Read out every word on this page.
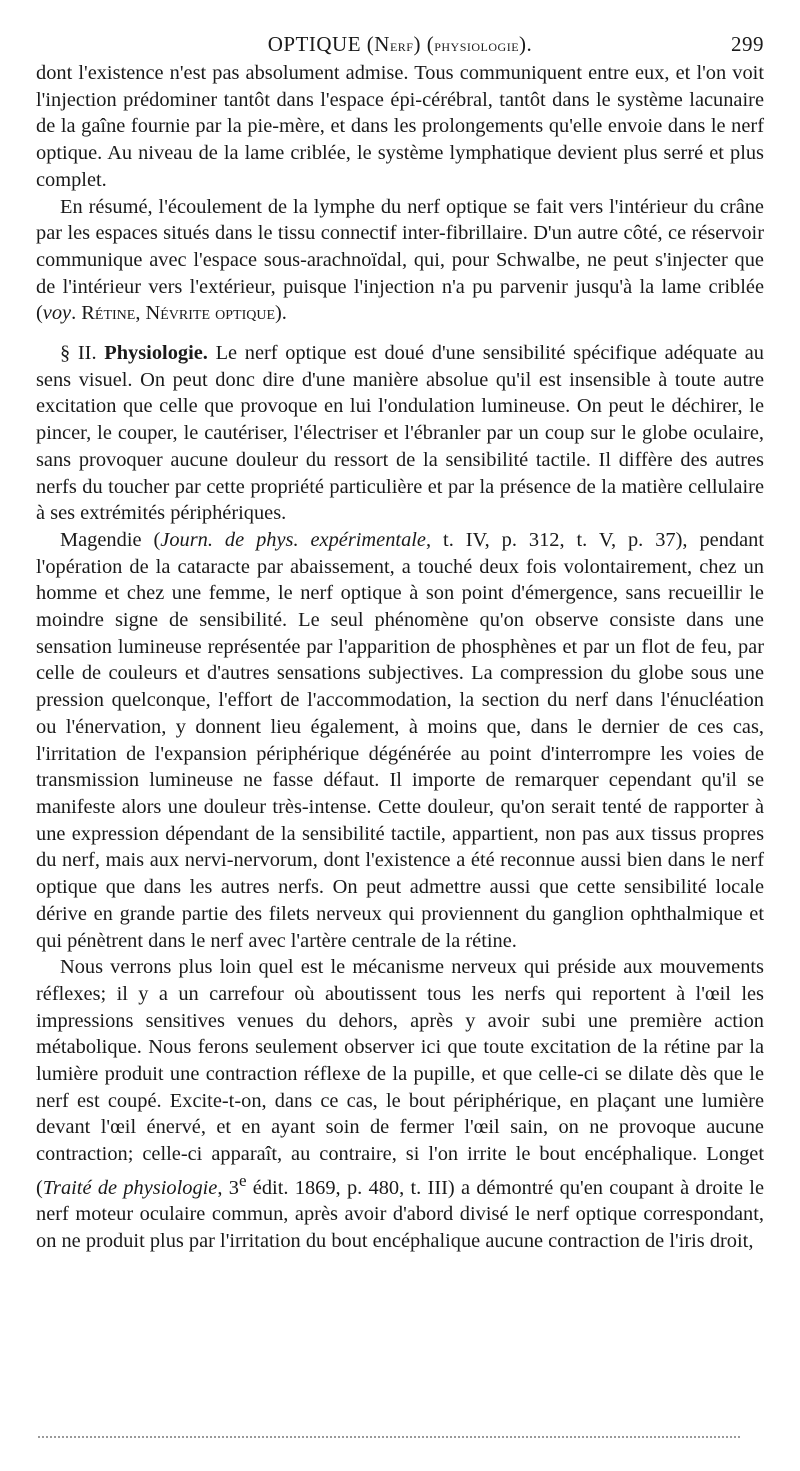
OPTIQUE (Nerf) (physiologie).	299

dont l'existence n'est pas absolument admise. Tous communiquent entre eux, et l'on voit l'injection prédominer tantôt dans l'espace épi-cérébral, tantôt dans le système lacunaire de la gaîne fournie par la pie-mère, et dans les prolongements qu'elle envoie dans le nerf optique. Au niveau de la lame criblée, le système lymphatique devient plus serré et plus complet.

En résumé, l'écoulement de la lymphe du nerf optique se fait vers l'intérieur du crâne par les espaces situés dans le tissu connectif inter-fibrillaire. D'un autre côté, ce réservoir communique avec l'espace sous-arachnoïdal, qui, pour Schwalbe, ne peut s'injecter que de l'intérieur vers l'extérieur, puisque l'injection n'a pu parvenir jusqu'à la lame criblée (voy. Rétine, Névrite optique).

§ II. Physiologie. Le nerf optique est doué d'une sensibilité spécifique adéquate au sens visuel. On peut donc dire d'une manière absolue qu'il est insensible à toute autre excitation que celle que provoque en lui l'ondulation lumineuse. On peut le déchirer, le pincer, le couper, le cautériser, l'électriser et l'ébranler par un coup sur le globe oculaire, sans provoquer aucune douleur du ressort de la sensibilité tactile. Il diffère des autres nerfs du toucher par cette propriété particulière et par la présence de la matière cellulaire à ses extrémités périphériques.

Magendie (Journ. de phys. expérimentale, t. IV, p. 312, t. V, p. 37), pendant l'opération de la cataracte par abaissement, a touché deux fois volontairement, chez un homme et chez une femme, le nerf optique à son point d'émergence, sans recueillir le moindre signe de sensibilité. Le seul phénomène qu'on observe consiste dans une sensation lumineuse représentée par l'apparition de phosphènes et par un flot de feu, par celle de couleurs et d'autres sensations subjectives. La compression du globe sous une pression quelconque, l'effort de l'accommodation, la section du nerf dans l'énucléation ou l'énervation, y donnent lieu également, à moins que, dans le dernier de ces cas, l'irritation de l'expansion périphérique dégénérée au point d'interrompre les voies de transmission lumineuse ne fasse défaut. Il importe de remarquer cependant qu'il se manifeste alors une douleur très-intense. Cette douleur, qu'on serait tenté de rapporter à une expression dépendant de la sensibilité tactile, appartient, non pas aux tissus propres du nerf, mais aux nervi-nervorum, dont l'existence a été reconnue aussi bien dans le nerf optique que dans les autres nerfs. On peut admettre aussi que cette sensibilité locale dérive en grande partie des filets nerveux qui proviennent du ganglion ophthalmique et qui pénètrent dans le nerf avec l'artère centrale de la rétine.

Nous verrons plus loin quel est le mécanisme nerveux qui préside aux mouvements réflexes; il y a un carrefour où aboutissent tous les nerfs qui reportent à l'œil les impressions sensitives venues du dehors, après y avoir subi une première action métabolique. Nous ferons seulement observer ici que toute excitation de la rétine par la lumière produit une contraction réflexe de la pupille, et que celle-ci se dilate dès que le nerf est coupé. Excite-t-on, dans ce cas, le bout périphérique, en plaçant une lumière devant l'œil énervé, et en ayant soin de fermer l'œil sain, on ne provoque aucune contraction; celle-ci apparaît, au contraire, si l'on irrite le bout encéphalique. Longet (Traité de physiologie, 3e édit. 1869, p. 480, t. III) a démontré qu'en coupant à droite le nerf moteur oculaire commun, après avoir d'abord divisé le nerf optique correspondant, on ne produit plus par l'irritation du bout encéphalique aucune contraction de l'iris droit,
